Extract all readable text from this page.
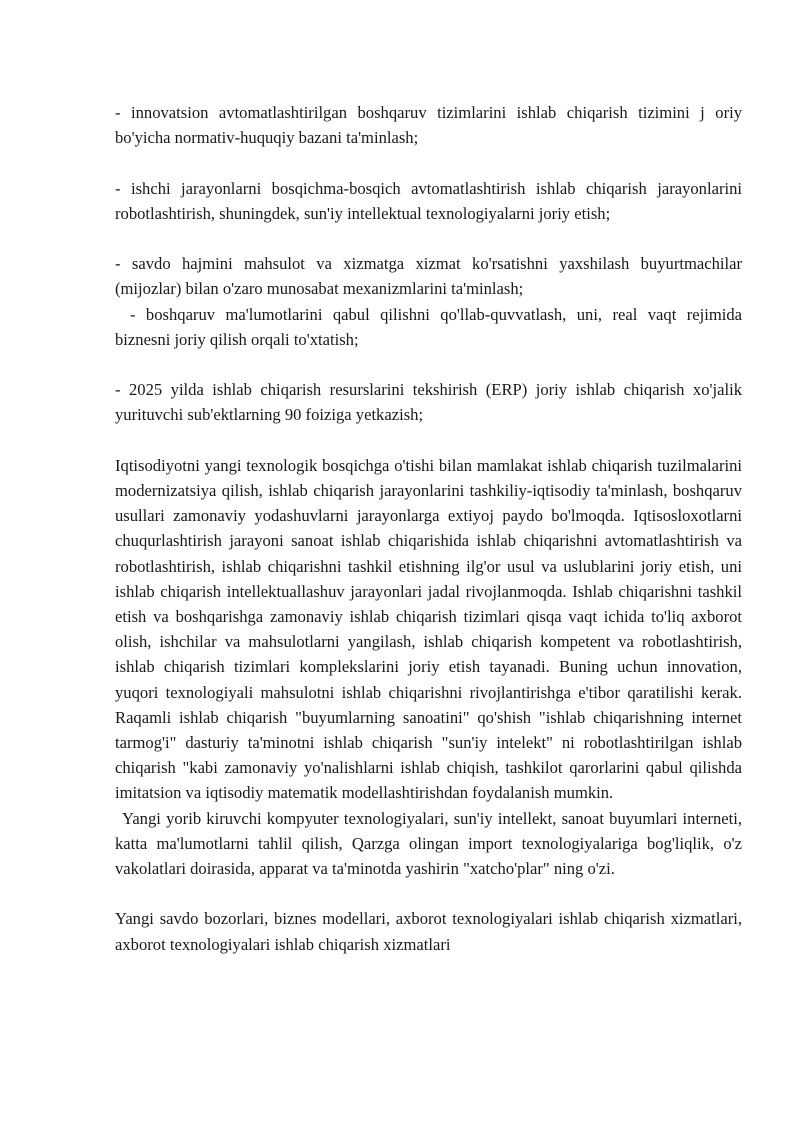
- innovatsion avtomatlashtirilgan boshqaruv tizimlarini ishlab chiqarish tizimini j oriy bo'yicha normativ-huquqiy bazani ta'minlash;

- ishchi jarayonlarni bosqichma-bosqich avtomatlashtirish ishlab chiqarish jarayonlarini robotlashtirish, shuningdek, sun'iy intellektual texnologiyalarni joriy etish;

- savdo hajmini mahsulot va xizmatga xizmat ko'rsatishni yaxshilash buyurtmachilar (mijozlar) bilan o'zaro munosabat mexanizmlarini ta'minlash;

- boshqaruv ma'lumotlarini qabul qilishni qo'llab-quvvatlash, uni, real vaqt rejimida biznesni joriy qilish orqali to'xtatish;

- 2025 yilda ishlab chiqarish resurslarini tekshirish (ERP) joriy ishlab chiqarish xo'jalik yurituvchi sub'ektlarning 90 foiziga yetkazish;

Iqtisodiyotni yangi texnologik bosqichga o'tishi bilan mamlakat ishlab chiqarish tuzilmalarini modernizatsiya qilish, ishlab chiqarish jarayonlarini tashkiliy-iqtisodiy ta'minlash, boshqaruv usullari zamonaviy yodashuvlarni jarayonlarga extiyoj paydo bo'lmoqda. Iqtisosloxotlarni chuqurlashtirish jarayoni sanoat ishlab chiqarishida ishlab chiqarishni avtomatlashtirish va robotlashtirish, ishlab chiqarishni tashkil etishning ilg'or usul va uslublarini joriy etish, uni ishlab chiqarish intellektuallashuv jarayonlari jadal rivojlanmoqda. Ishlab chiqarishni tashkil etish va boshqarishga zamonaviy ishlab chiqarish tizimlari qisqa vaqt ichida to'liq axborot olish, ishchilar va mahsulotlarni yangilash, ishlab chiqarish kompetent va robotlashtirish, ishlab chiqarish tizimlari komplekslarini joriy etish tayanadi. Buning uchun innovation, yuqori texnologiyali mahsulotni ishlab chiqarishni rivojlantirishga e'tibor qaratilishi kerak. Raqamli ishlab chiqarish "buyumlarning sanoatini" qo'shish "ishlab chiqarishning internet tarmog'i" dasturiy ta'minotni ishlab chiqarish "sun'iy intelekt" ni robotlashtirilgan ishlab chiqarish "kabi zamonaviy yo'nalishlarni ishlab chiqish, tashkilot qarorlarini qabul qilishda imitatsion va iqtisodiy matematik modellashtirishdan foydalanish mumkin.

Yangi yorib kiruvchi kompyuter texnologiyalari, sun'iy intellekt, sanoat buyumlari interneti, katta ma'lumotlarni tahlil qilish, Qarzga olingan import texnologiyalariga bog'liqlik, o'z vakolatlari doirasida, apparat va ta'minotda yashirin "xatcho'plar" ning o'zi.

Yangi savdo bozorlari, biznes modellari, axborot texnologiyalari ishlab chiqarish xizmatlari, axborot texnologiyalari ishlab chiqarish xizmatlari
